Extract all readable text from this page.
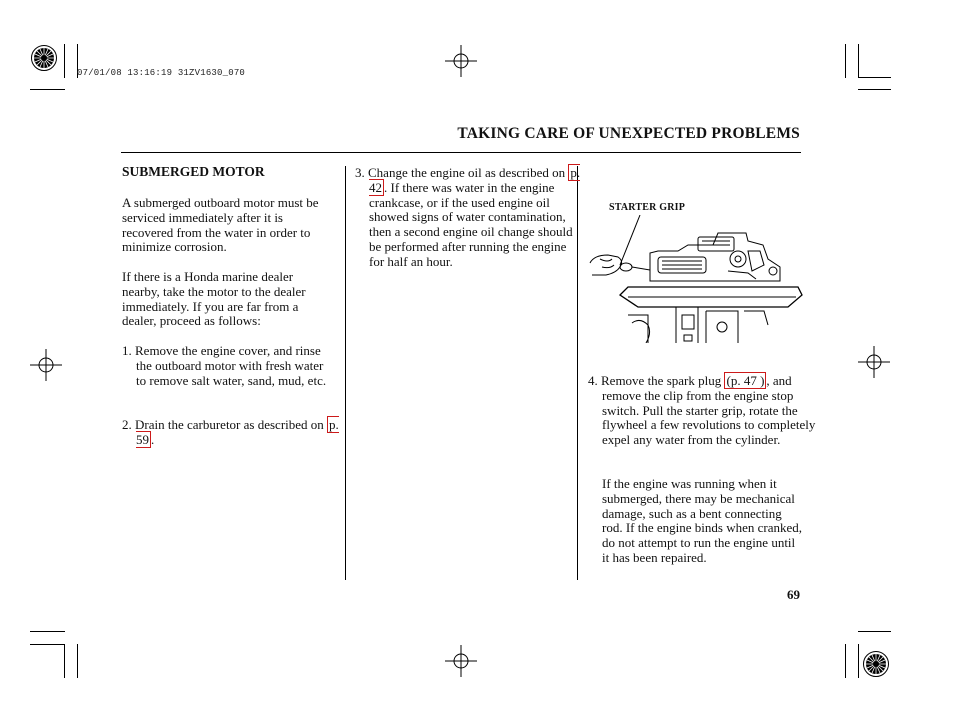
07/01/08 13:16:19 31ZV1630_070
TAKING CARE OF UNEXPECTED PROBLEMS
SUBMERGED MOTOR

A submerged outboard motor must be serviced immediately after it is recovered from the water in order to minimize corrosion.

If there is a Honda marine dealer nearby, take the motor to the dealer immediately. If you are far from a dealer, proceed as follows:

1. Remove the engine cover, and rinse the outboard motor with fresh water to remove salt water, sand, mud, etc.

2. Drain the carburetor as described on p. 59 .

3. Change the engine oil as described on p. 42 . If there was water in the engine crankcase, or if the used engine oil showed signs of water contamination, then a second engine oil change should be performed after running the engine for half an hour.

STARTER GRIP

4. Remove the spark plug (p. 47 ) , and remove the clip from the engine stop switch. Pull the starter grip, rotate the flywheel a few revolutions to completely expel any water from the cylinder.

If the engine was running when it submerged, there may be mechanical damage, such as a bent connecting rod. If the engine binds when cranked, do not attempt to run the engine until it has been repaired.

69
